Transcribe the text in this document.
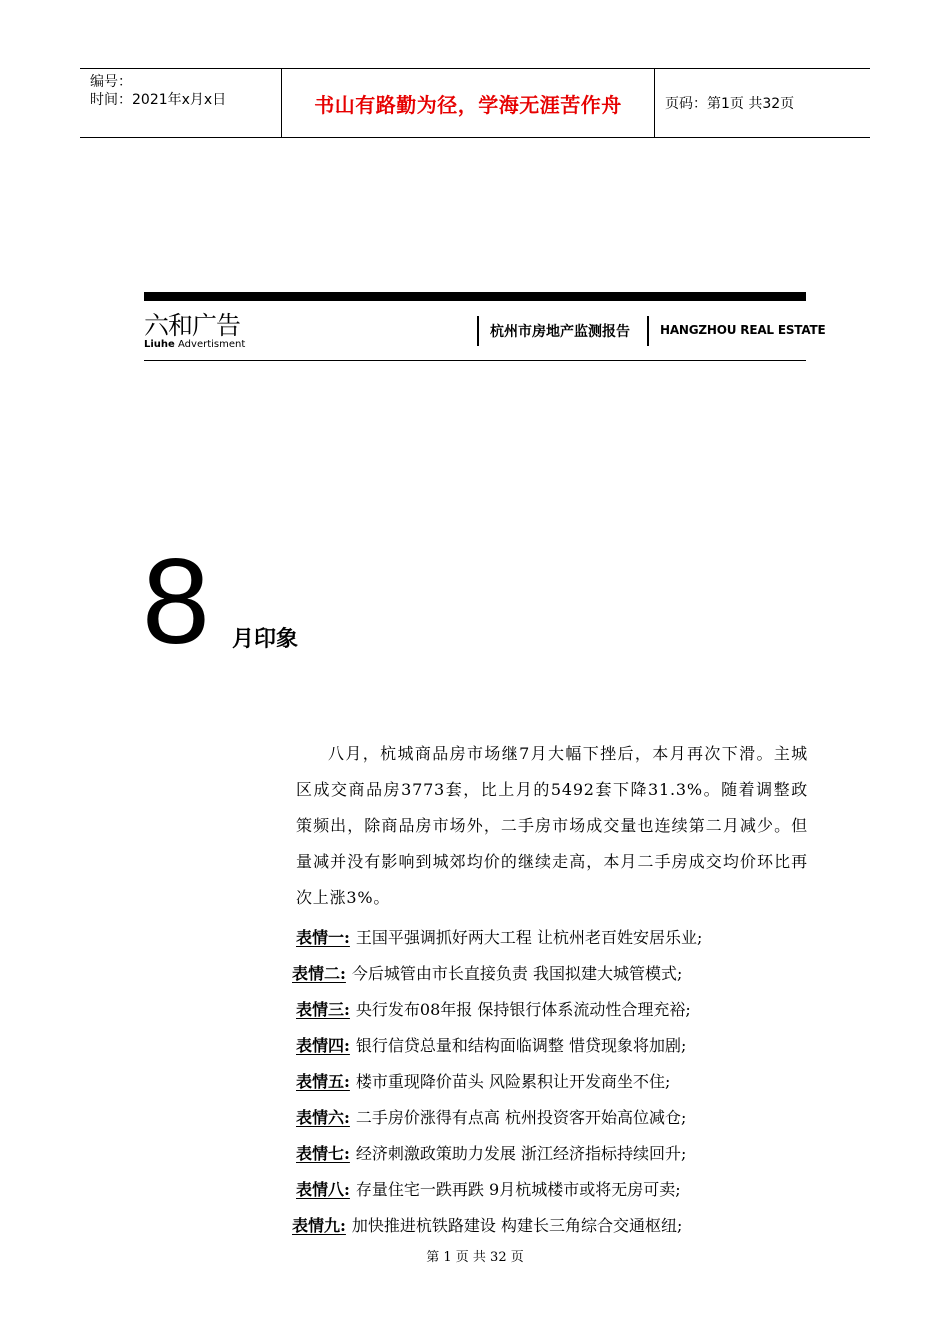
编号：
时间：2021年x月x日	书山有路勤为径，学海无涯苦作舟	页码：第1页 共32页
六和广告
Liuhe Advertisment
杭州市房地产监测报告	HANGZHOU REAL ESTATE
8 月印象
八月，杭城商品房市场继7月大幅下挫后，本月再次下滑。主城区成交商品房3773套，比上月的5492套下降31.3%。随着调整政策频出，除商品房市场外，二手房市场成交量也连续第二月减少。但量减并没有影响到城郊均价的继续走高，本月二手房成交均价环比再次上涨3%。
表情一: 王国平强调抓好两大工程 让杭州老百姓安居乐业;
表情二: 今后城管由市长直接负责 我国拟建大城管模式;
表情三: 央行发布08年报 保持银行体系流动性合理充裕;
表情四: 银行信贷总量和结构面临调整 惜贷现象将加剧;
表情五: 楼市重现降价苗头 风险累积让开发商坐不住;
表情六: 二手房价涨得有点高 杭州投资客开始高位减仓;
表情七: 经济刺激政策助力发展 浙江经济指标持续回升;
表情八: 存量住宅一跌再跌 9月杭城楼市或将无房可卖;
表情九: 加快推进杭铁路建设 构建长三角综合交通枢纽;
第 1 页 共 32 页
